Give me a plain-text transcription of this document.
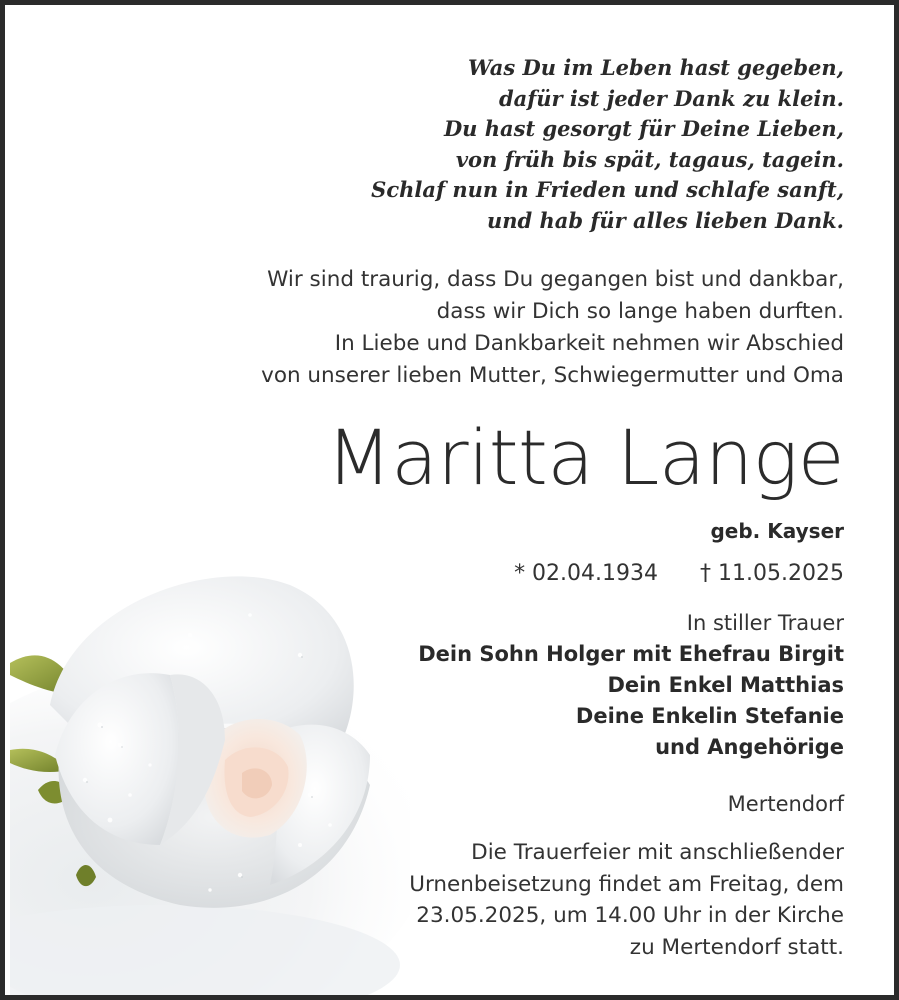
Was Du im Leben hast gegeben,
dafür ist jeder Dank zu klein.
Du hast gesorgt für Deine Lieben,
von früh bis spät, tagaus, tagein.
Schlaf nun in Frieden und schlafe sanft,
und hab für alles lieben Dank.
Wir sind traurig, dass Du gegangen bist und dankbar,
dass wir Dich so lange haben durften.
In Liebe und Dankbarkeit nehmen wir Abschied
von unserer lieben Mutter, Schwiegermutter und Oma
Maritta Lange
geb. Kayser
* 02.04.1934 † 11.05.2025
In stiller Trauer
Dein Sohn Holger mit Ehefrau Birgit
Dein Enkel Matthias
Deine Enkelin Stefanie
und Angehörige
Mertendorf
Die Trauerfeier mit anschließender
Urnenbeisetzung findet am Freitag, dem
23.05.2025, um 14.00 Uhr in der Kirche
zu Mertendorf statt.
